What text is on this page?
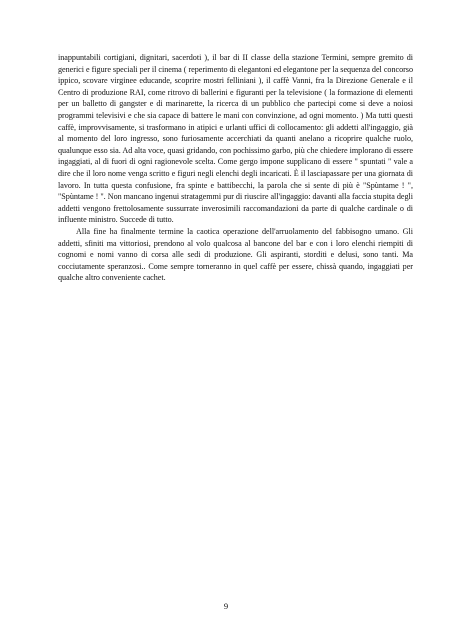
inappuntabili cortigiani, dignitari, sacerdoti ), il bar di II classe della stazione Termini, sempre gremito di generici e figure speciali per il cinema ( reperimento di elegantoni ed elegantone per la sequenza del concorso ippico, scovare virginee educande, scoprire mostri felliniani ), il caffè Vanni, fra la Direzione Generale e il Centro di produzione RAI, come ritrovo di ballerini e figuranti per la televisione ( la formazione di elementi per un balletto di gangster e di marinarette, la ricerca di un pubblico che partecipi come si deve a noiosi programmi televisivi e che sia capace di battere le mani con convinzione, ad ogni momento. ) Ma tutti questi caffè, improvvisamente, si trasformano in atipici e urlanti uffici di collocamento: gli addetti all'ingaggio, già al momento del loro ingresso, sono furiosamente accerchiati da quanti anelano a ricoprire qualche ruolo, qualunque esso sia. Ad alta voce, quasi gridando, con pochissimo garbo, più che chiedere implorano di essere ingaggiati, al di fuori di ogni ragionevole scelta. Come gergo impone supplicano di essere " spuntati " vale a dire che il loro nome venga scritto e figuri negli elenchi degli incaricati. È il lasciapassare per una giornata di lavoro. In tutta questa confusione, fra spinte e battibecchi, la parola che si sente di più è "Spùntame ! ", "Spùntame ! ". Non mancano ingenui stratagemmi pur di riuscire all'ingaggio: davanti alla faccia stupita degli addetti vengono frettolosamente sussurrate inverosimili raccomandazioni da parte di qualche cardinale o di influente ministro. Succede di tutto.

Alla fine ha finalmente termine la caotica operazione dell'arruolamento del fabbisogno umano. Gli addetti, sfiniti ma vittoriosi, prendono al volo qualcosa al bancone del bar e con i loro elenchi riempiti di cognomi e nomi vanno di corsa alle sedi di produzione. Gli aspiranti, storditi e delusi, sono tanti. Ma cocciutamente speranzosi.. Come sempre torneranno in quel caffè per essere, chissà quando, ingaggiati per qualche altro conveniente cachet.

9
